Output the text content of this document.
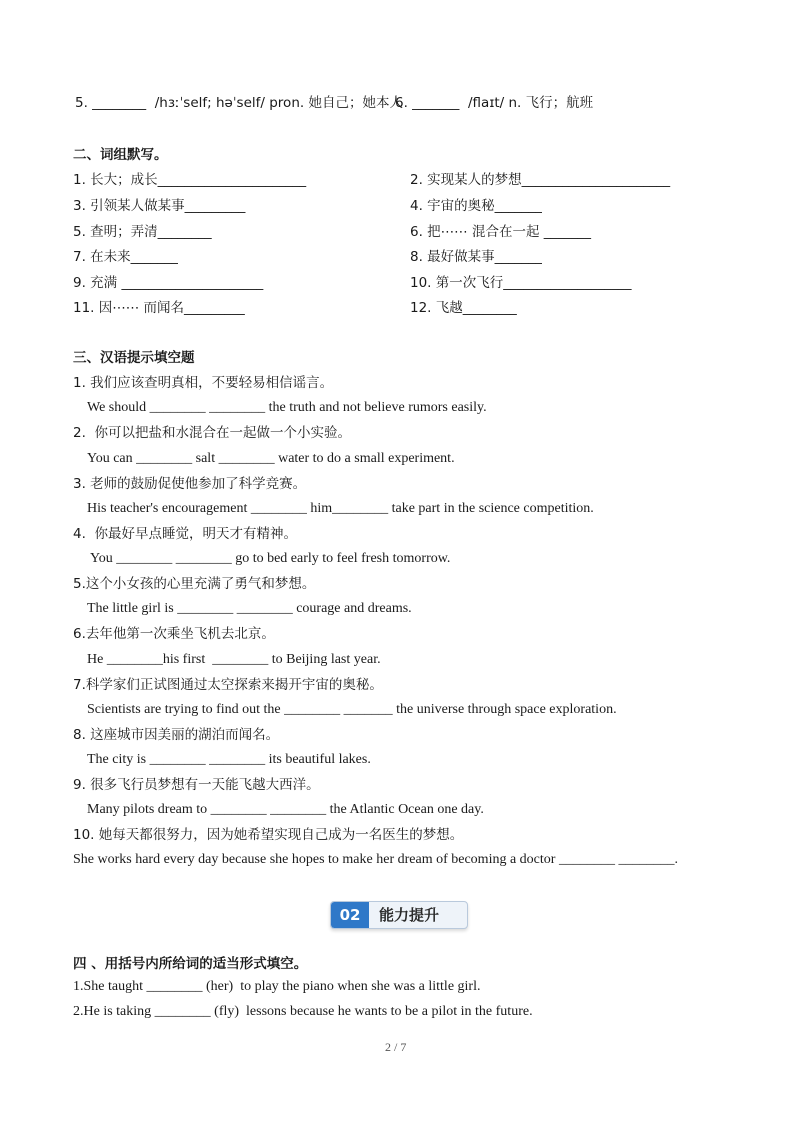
5. ________  /hɜːˈself; həˈself/ pron. 她自己；她本人
6. _______  /flaɪt/ n. 飞行；航班
二、词组默写。
1. 长大；成长______________________	2. 实现某人的梦想______________________
3. 引领某人做某事_________	4. 宇宙的奥秘_______
5. 查明；弄清________	6. 把⋯⋯ 混合在一起 _______
7. 在未来_______	8. 最好做某事_______
9. 充满 _____________________	10. 第一次飞行___________________
11. 因⋯⋯ 而闻名_________	12. 飞越________
三、汉语提示填空题
1. 我们应该查明真相，不要轻易相信谣言。
We should ________ ________ the truth and not believe rumors easily.
2.  你可以把盐和水混合在一起做一个小实验。
You can ________ salt ________ water to do a small experiment.
3. 老师的鼓励促使他参加了科学竞赛。
His teacher's encouragement ________ him________ take part in the science competition.
4.  你最好早点睡觉，明天才有精神。
You ________ ________ go to bed early to feel fresh tomorrow.
5.这个小女孩的心里充满了勇气和梦想。
The little girl is ________ ________ courage and dreams.
6.去年他第一次乘坐飞机去北京。
He ________his first  ________ to Beijing last year.
7.科学家们正试图通过太空探索来揭开宇宙的奥秘。
Scientists are trying to find out the ________ _______ the universe through space exploration.
8. 这座城市因美丽的湖泊而闻名。
The city is ________ ________ its beautiful lakes.
9. 很多飞行员梦想有一天能飞越大西洋。
Many pilots dream to ________ ________ the Atlantic Ocean one day.
10. 她每天都很努力，因为她希望实现自己成为一名医生的梦想。
She works hard every day because she hopes to make her dream of becoming a doctor ________ ________.
02	能力提升
四 、用括号内所给词的适当形式填空。
1.She taught ________ (her)  to play the piano when she was a little girl.
2.He is taking ________ (fly)  lessons because he wants to be a pilot in the future.
2 / 7
